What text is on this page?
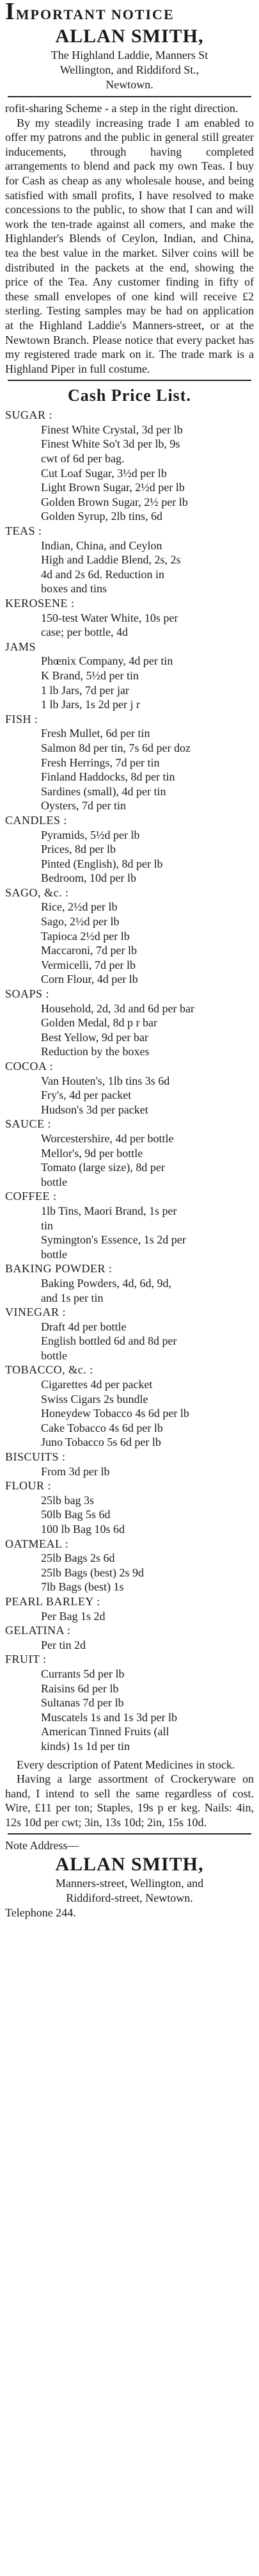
IMPORTANT NOTICE
ALLAN SMITH,
The Highland Laddie, Manners St
Wellington, and Riddiford St.,
Newtown.

rofit-sharing Scheme - a step in the right direction.

By my steadily increasing trade I am enabled to offer my patrons and the public in general still greater inducements, through having completed arrangements to blend and pack my own Teas. I buy for Cash as cheap as any wholesale house, and being satisfied with small profits, I have resolved to make concessions to the public, to show that I can and will work the ten-trade against all comers, and make the Highlander's Blends of Ceylon, Indian, and China, tea the best value in the market. Silver coins will be distributed in the packets at the end, showing the price of the Tea. Any customer finding in fifty of these small envelopes of one kind will receive £2 sterling. Testing samples may be had on application at the Highland Laddie's Manners-street, or at the Newtown Branch. Please notice that every packet has my registered trade mark on it. The trade mark is a Highland Piper in full costume.

Cash Price List.
SUGAR :
Finest White Crystal, 3d per lb
Finest White So't 3d per lb, 9s
cwt of 6d per bag.
Cut Loaf Sugar, 3½d per lb
Light Brown Sugar, 2½d per lb
Golden Brown Sugar, 2½ per lb
Golden Syrup, 2lb tins, 6d
TEAS :
Indian, China, and Ceylon
High and Laddie Blend, 2s, 2s
4d and 2s 6d. Reduction in
boxes and tins
KEROSENE :
150-test Water White, 10s per
case; per bottle, 4d
JAMS
Phœnix Company, 4d per tin
K Brand, 5½d per tin
1 lb Jars, 7d per jar
1 lb Jars, 1s 2d per j r
FISH :
Fresh Mullet, 6d per tin
Salmon 8d per tin, 7s 6d per doz
Fresh Herrings, 7d per tin
Finland Haddocks, 8d per tin
Sardines (small), 4d per tin
Oysters, 7d per tin
CANDLES :
Pyramids, 5½d per lb
Prices, 8d per lb
Pinted (English), 8d per lb
Bedroom, 10d per lb
SAGO, &c. :
Rice, 2½d per lb
Sago, 2½d per lb
Tapioca 2½d per lb
Maccaroni, 7d per lb
Vermicelli, 7d per lb
Corn Flour, 4d per lb
SOAPS :
Household, 2d, 3d and 6d per bar
Golden Medal, 8d p r bar
Best Yellow, 9d per bar
Reduction by the boxes
COCOA :
Van Houten's, 1lb tins 3s 6d
Fry's, 4d per packet
Hudson's 3d per packet
SAUCE :
Worcestershire, 4d per bottle
Mellor's, 9d per bottle
Tomato (large size), 8d per
bottle
COFFEE :
1lb Tins, Maori Brand, 1s per
tin
Symington's Essence, 1s 2d per
bottle
BAKING POWDER :
Baking Powders, 4d, 6d, 9d,
and 1s per tin
VINEGAR :
Draft 4d per bottle
English bottled 6d and 8d per
bottle
TOBACCO, &c. :
Cigarettes 4d per packet
Swiss Cigars 2s bundle
Honeydew Tobacco 4s 6d per lb
Cake Tobacco 4s 6d per lb
Juno Tobacco 5s 6d per lb
BISCUITS :
From 3d per lb
FLOUR :
25lb bag 3s
50lb Bag 5s 6d
100 lb Bag 10s 6d
OATMEAL :
25lb Bags 2s 6d
25lb Bags (best) 2s 9d
7lb Bags (best) 1s
PEARL BARLEY :
Per Bag 1s 2d
GELATINA :
Per tin 2d
FRUIT :
Currants 5d per lb
Raisins 6d per lb
Sultanas 7d per lb
Muscatels 1s and 1s 3d per lb
American Tinned Fruits (all
kinds) 1s 1d per tin

Every description of Patent Medicines in stock.

Having a large assortment of Crockeryware on hand, I intend to sell the same regardless of cost. Wire, £11 per ton; Staples, 19s p er keg. Nails: 4in, 12s 10d per cwt; 3in, 13s 10d; 2in, 15s 10d.

Note Address—
ALLAN SMITH,
Manners-street, Wellington, and
Riddiford-street, Newtown.
Telephone 244.
